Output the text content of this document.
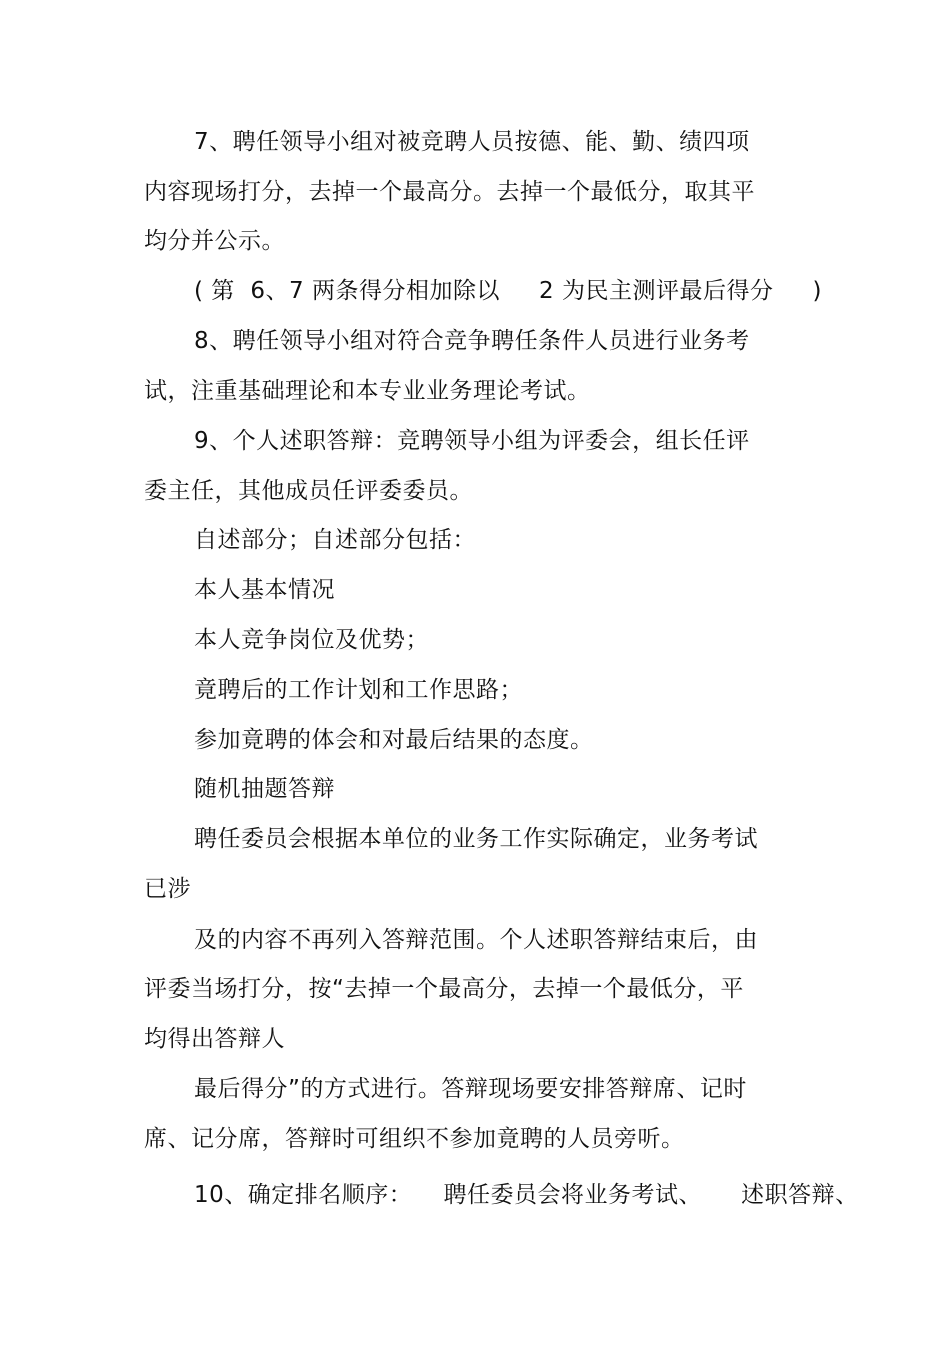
7、聘任领导小组对被竞聘人员按德、能、勤、绩四项
内容现场打分，去掉一个最高分。去掉一个最低分，取其平
均分并公示。
( 第  6、7 两条得分相加除以     2 为民主测评最后得分     )
8、聘任领导小组对符合竞争聘任条件人员进行业务考
试，注重基础理论和本专业业务理论考试。
9、个人述职答辩：竞聘领导小组为评委会，组长任评
委主任，其他成员任评委委员。
自述部分；自述部分包括：
本人基本情况
本人竞争岗位及优势；
竟聘后的工作计划和工作思路；
参加竟聘的体会和对最后结果的态度。
随机抽题答辩
聘任委员会根据本单位的业务工作实际确定，业务考试
已涉
及的内容不再列入答辩范围。个人述职答辩结束后，由
评委当场打分，按“去掉一个最高分，去掉一个最低分，平
均得出答辩人
最后得分”的方式进行。答辩现场要安排答辩席、记时
席、记分席，答辩时可组织不参加竟聘的人员旁听。
10、确定排名顺序：    聘任委员会将业务考试、     述职答辩、
